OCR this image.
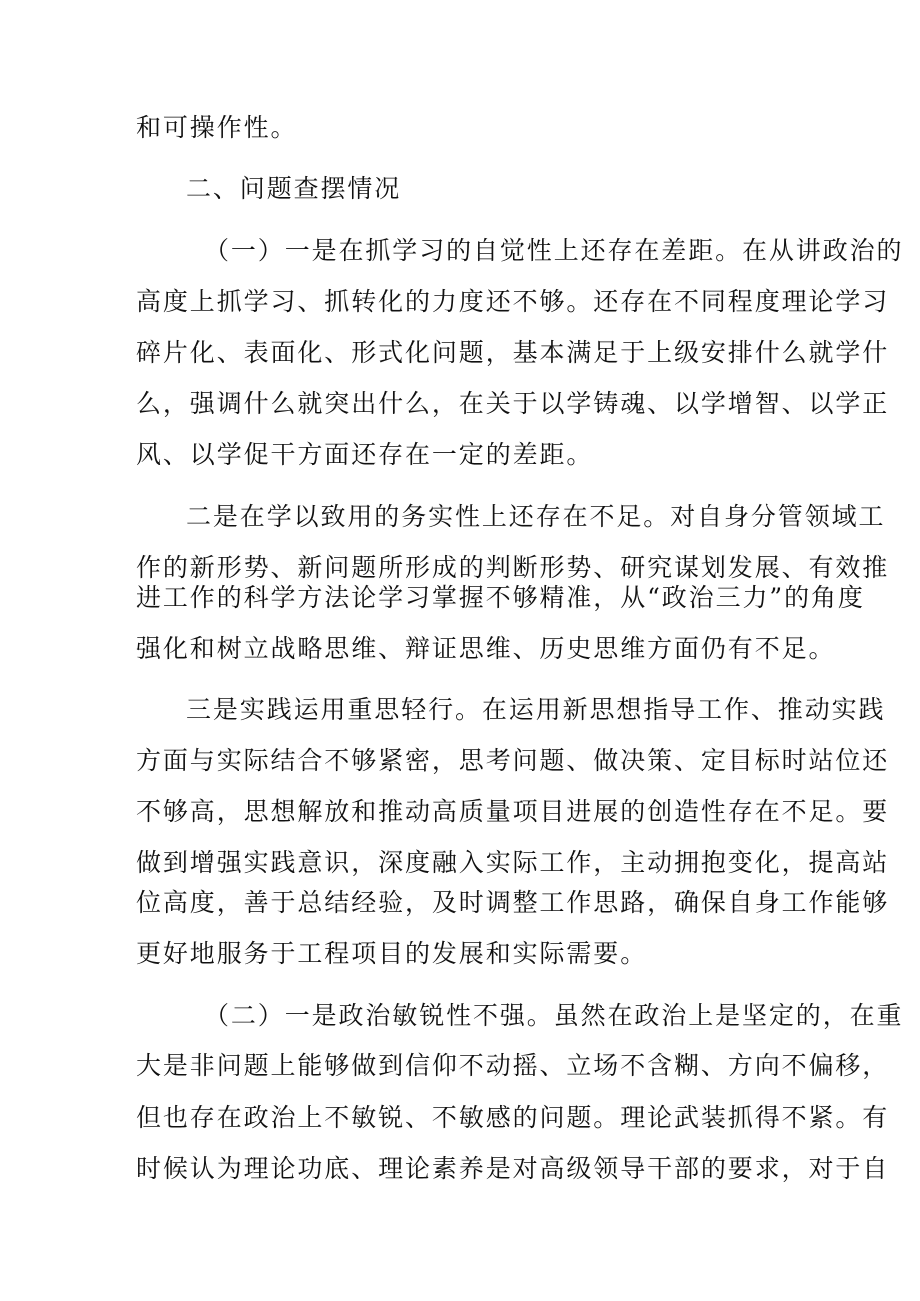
和可操作性。
二、问题查摆情况
（一）一是在抓学习的自觉性上还存在差距。在从讲政治的
高度上抓学习、抓转化的力度还不够。还存在不同程度理论学习
碎片化、表面化、形式化问题，基本满足于上级安排什么就学什
么，强调什么就突出什么，在关于以学铸魂、以学增智、以学正
风、以学促干方面还存在一定的差距。
二是在学以致用的务实性上还存在不足。对自身分管领域工
作的新形势、新问题所形成的判断形势、研究谋划发展、有效推
进工作的科学方法论学习掌握不够精准，从“政治三力”的角度
强化和树立战略思维、辩证思维、历史思维方面仍有不足。
三是实践运用重思轻行。在运用新思想指导工作、推动实践
方面与实际结合不够紧密，思考问题、做决策、定目标时站位还
不够高，思想解放和推动高质量项目进展的创造性存在不足。要
做到增强实践意识，深度融入实际工作，主动拥抱变化，提高站
位高度，善于总结经验，及时调整工作思路，确保自身工作能够
更好地服务于工程项目的发展和实际需要。
（二）一是政治敏锐性不强。虽然在政治上是坚定的，在重
大是非问题上能够做到信仰不动摇、立场不含糊、方向不偏移，
但也存在政治上不敏锐、不敏感的问题。理论武装抓得不紧。有
时候认为理论功底、理论素养是对高级领导干部的要求，对于自
